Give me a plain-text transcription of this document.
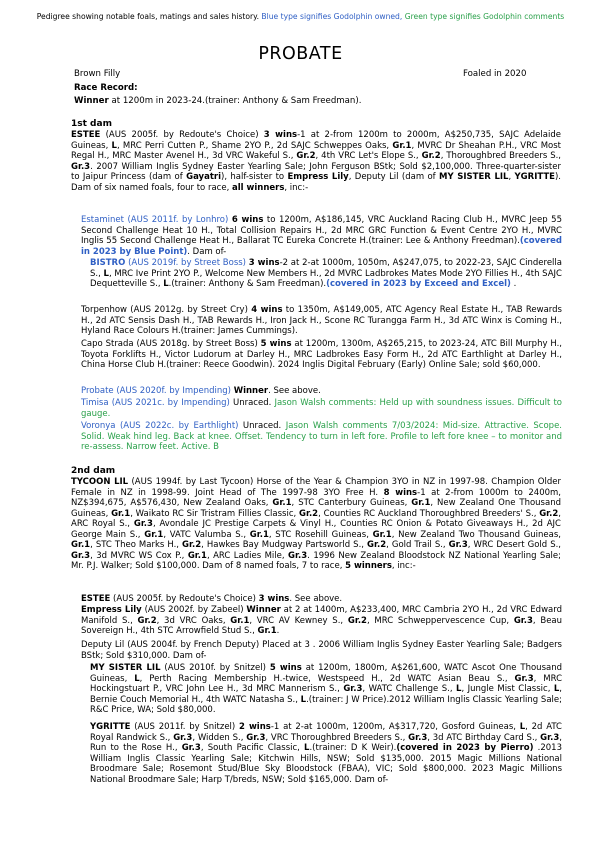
Pedigree showing notable foals, matings and sales history. Blue type signifies Godolphin owned, Green type signifies Godolphin comments
PROBATE
Brown Filly	Foaled in 2020
Race Record:
Winner at 1200m in 2023-24.(trainer: Anthony & Sam Freedman).
1st dam

ESTEE (AUS 2005f. by Redoute's Choice) 3 wins-1 at 2-from 1200m to 2000m, A$250,735, SAJC Adelaide Guineas, L, MRC Perri Cutten P., Shame 2YO P., 2d SAJC Schweppes Oaks, Gr.1, MVRC Dr Sheahan P.H., VRC Most Regal H., MRC Master Avenel H., 3d VRC Wakeful S., Gr.2, 4th VRC Let's Elope S., Gr.2, Thoroughbred Breeders S., Gr.3. 2007 William Inglis Sydney Easter Yearling Sale; John Ferguson BStk; Sold $2,100,000. Three-quarter-sister to Jaipur Princess (dam of Gayatri), half-sister to Empress Lily, Deputy Lil (dam of MY SISTER LIL, YGRITTE). Dam of six named foals, four to race, all winners, inc:-

Estaminet (AUS 2011f. by Lonhro) 6 wins to 1200m, A$186,145, VRC Auckland Racing Club H., MVRC Jeep 55 Second Challenge Heat 10 H., Total Collision Repairs H., 2d MRC GRC Function & Event Centre 2YO H., MVRC Inglis 55 Second Challenge Heat H., Ballarat TC Eureka Concrete H.(trainer: Lee & Anthony Freedman).(covered in 2023 by Blue Point). Dam of-

BISTRO (AUS 2019f. by Street Boss) 3 wins-2 at 2-at 1000m, 1050m, A$247,075, to 2022-23, SAJC Cinderella S., L, MRC Ive Print 2YO P., Welcome New Members H., 2d MVRC Ladbrokes Mates Mode 2YO Fillies H., 4th SAJC Dequetteville S., L.(trainer: Anthony & Sam Freedman).(covered in 2023 by Exceed and Excel) .

Torpenhow (AUS 2012g. by Street Cry) 4 wins to 1350m, A$149,005, ATC Agency Real Estate H., TAB Rewards H., 2d ATC Sensis Dash H., TAB Rewards H., Iron Jack H., Scone RC Turangga Farm H., 3d ATC Winx is Coming H., Hyland Race Colours H.(trainer: James Cummings).

Capo Strada (AUS 2018g. by Street Boss) 5 wins at 1200m, 1300m, A$265,215, to 2023-24, ATC Bill Murphy H., Toyota Forklifts H., Victor Ludorum at Darley H., MRC Ladbrokes Easy Form H., 2d ATC Earthlight at Darley H., China Horse Club H.(trainer: Reece Goodwin). 2024 Inglis Digital February (Early) Online Sale; sold $60,000.

Probate (AUS 2020f. by Impending) Winner. See above.

Timisa (AUS 2021c. by Impending) Unraced. Jason Walsh comments: Held up with soundness issues. Difficult to gauge.

Voronya (AUS 2022c. by Earthlight) Unraced. Jason Walsh comments 7/03/2024: Mid-size. Attractive. Scope. Solid. Weak hind leg. Back at knee. Offset. Tendency to turn in left fore. Profile to left fore knee – to monitor and re-assess. Narrow feet. Active. B

2nd dam

TYCOON LIL (AUS 1994f. by Last Tycoon) Horse of the Year & Champion 3YO in NZ in 1997-98. Champion Older Female in NZ in 1998-99. Joint Head of The 1997-98 3YO Free H. 8 wins-1 at 2-from 1000m to 2400m, NZ$394,675, A$576,430, New Zealand Oaks, Gr.1, STC Canterbury Guineas, Gr.1, New Zealand One Thousand Guineas, Gr.1, Waikato RC Sir Tristram Fillies Classic, Gr.2, Counties RC Auckland Thoroughbred Breeders' S., Gr.2, ARC Royal S., Gr.3, Avondale JC Prestige Carpets & Vinyl H., Counties RC Onion & Potato Giveaways H., 2d AJC George Main S., Gr.1, VATC Valumba S., Gr.1, STC Rosehill Guineas, Gr.1, New Zealand Two Thousand Guineas, Gr.1, STC Theo Marks H., Gr.2, Hawkes Bay Mudgway Partsworld S., Gr.2, Gold Trail S., Gr.3, WRC Desert Gold S., Gr.3, 3d MVRC WS Cox P., Gr.1, ARC Ladies Mile, Gr.3. 1996 New Zealand Bloodstock NZ National Yearling Sale; Mr. P.J. Walker; Sold $100,000. Dam of 8 named foals, 7 to race, 5 winners, inc:-

ESTEE (AUS 2005f. by Redoute's Choice) 3 wins. See above.

Empress Lily (AUS 2002f. by Zabeel) Winner at 2 at 1400m, A$233,400, MRC Cambria 2YO H., 2d VRC Edward Manifold S., Gr.2, 3d VRC Oaks, Gr.1, VRC AV Kewney S., Gr.2, MRC Schweppervescence Cup, Gr.3, Beau Sovereign H., 4th STC Arrowfield Stud S., Gr.1.

Deputy Lil (AUS 2004f. by French Deputy) Placed at 3 . 2006 William Inglis Sydney Easter Yearling Sale; Badgers BStk; Sold $310,000. Dam of-

MY SISTER LIL (AUS 2010f. by Snitzel) 5 wins at 1200m, 1800m, A$261,600, WATC Ascot One Thousand Guineas, L, Perth Racing Membership H.-twice, Westspeed H., 2d WATC Asian Beau S., Gr.3, MRC Hockingstuart P., VRC John Lee H., 3d MRC Mannerism S., Gr.3, WATC Challenge S., L, Jungle Mist Classic, L, Bernie Couch Memorial H., 4th WATC Natasha S., L.(trainer: J W Price).2012 William Inglis Classic Yearling Sale; R&C Price, WA; Sold $80,000.

YGRITTE (AUS 2011f. by Snitzel) 2 wins-1 at 2-at 1000m, 1200m, A$317,720, Gosford Guineas, L, 2d ATC Royal Randwick S., Gr.3, Widden S., Gr.3, VRC Thoroughbred Breeders S., Gr.3, 3d ATC Birthday Card S., Gr.3, Run to the Rose H., Gr.3, South Pacific Classic, L.(trainer: D K Weir).(covered in 2023 by Pierro) .2013 William Inglis Classic Yearling Sale; Kitchwin Hills, NSW; Sold $135,000. 2015 Magic Millions National Broodmare Sale; Rosemont Stud/Blue Sky Bloodstock (FBAA), VIC; Sold $800,000. 2023 Magic Millions National Broodmare Sale; Harp T/breds, NSW; Sold $165,000. Dam of-
